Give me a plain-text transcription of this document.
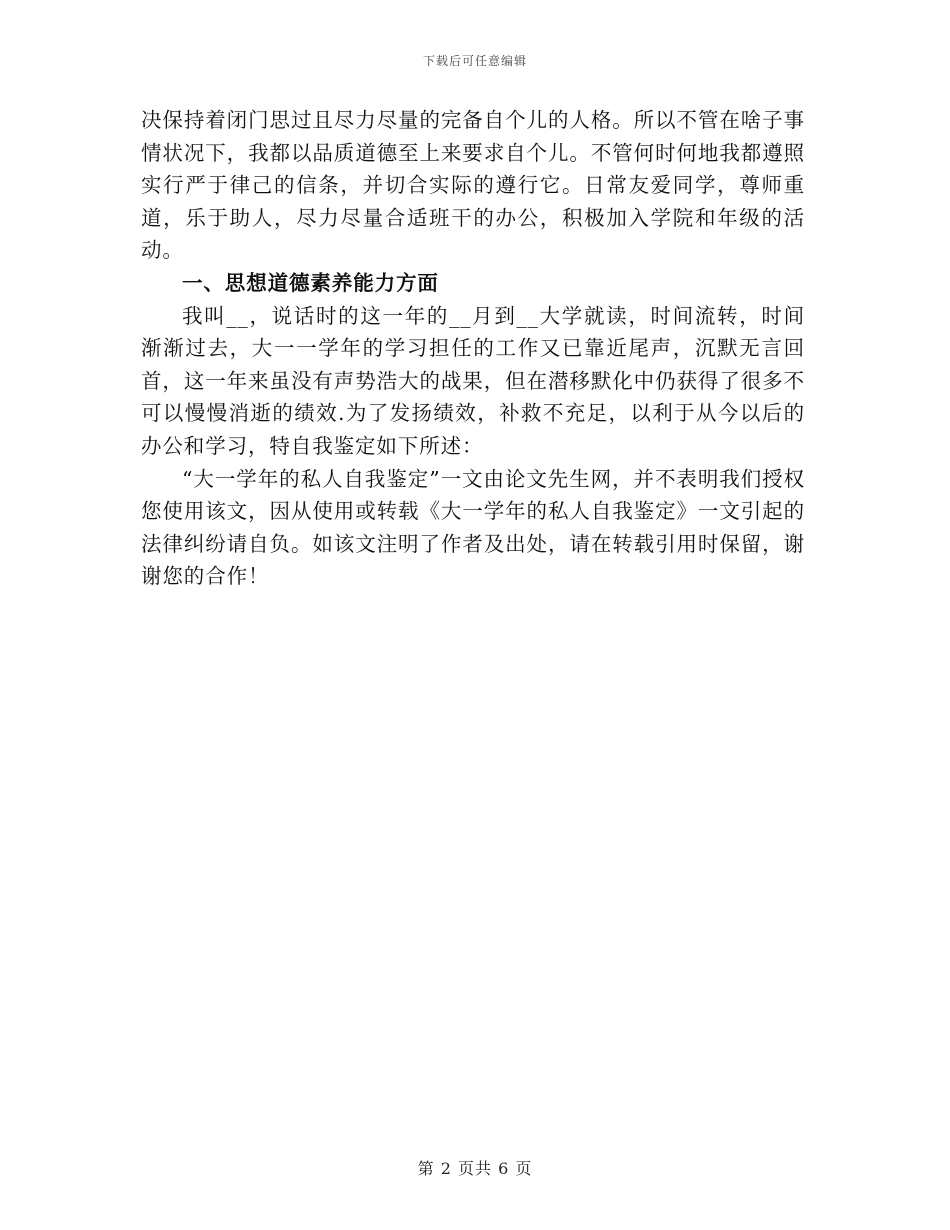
下载后可任意编辑

决保持着闭门思过且尽力尽量的完备自个儿的人格。所以不管在啥子事情状况下，我都以品质道德至上来要求自个儿。不管何时何地我都遵照实行严于律己的信条，并切合实际的遵行它。日常友爱同学，尊师重道，乐于助人，尽力尽量合适班干的办公，积极加入学院和年级的活动。

一、思想道德素养能力方面

我叫__，说话时的这一年的__月到__大学就读，时间流转，时间渐渐过去，大一一学年的学习担任的工作又已靠近尾声，沉默无言回首，这一年来虽没有声势浩大的战果，但在潜移默化中仍获得了很多不可以慢慢消逝的绩效.为了发扬绩效，补救不充足，以利于从今以后的办公和学习，特自我鉴定如下所述：

“大一学年的私人自我鉴定”一文由论文先生网，并不表明我们授权您使用该文，因从使用或转载《大一学年的私人自我鉴定》一文引起的法律纠纷请自负。如该文注明了作者及出处，请在转载引用时保留，谢谢您的合作！

第 2 页共 6 页
